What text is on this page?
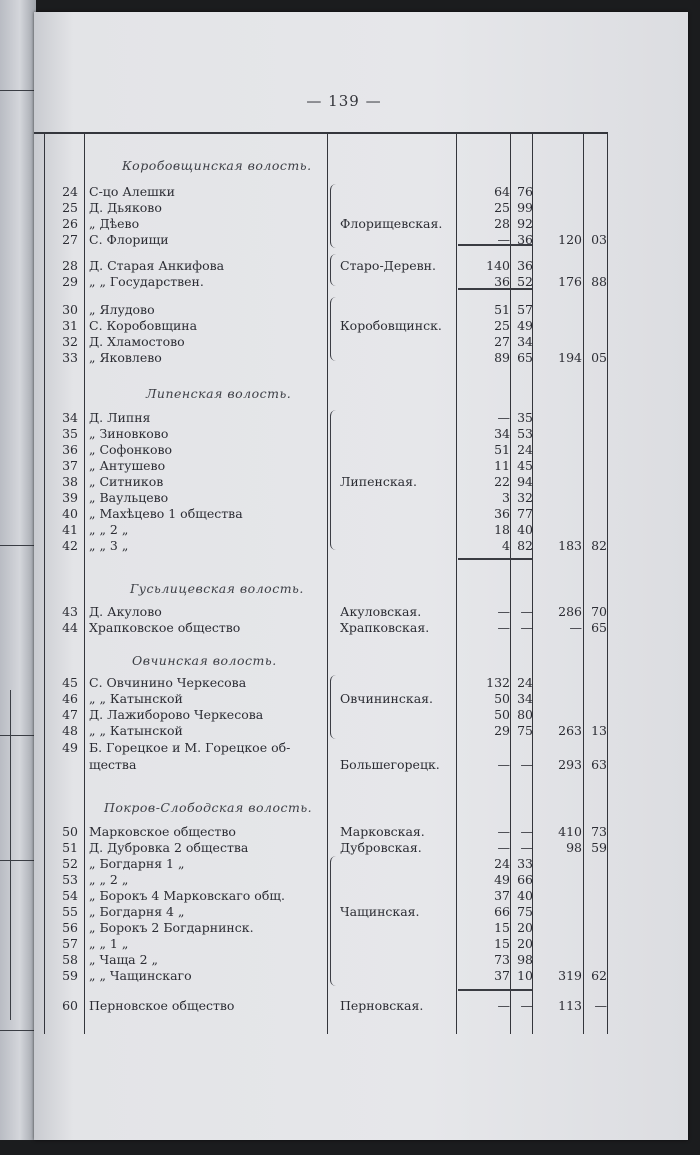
— 139 —
Коробовщинская волость.
Липенская волость.
Гусьлицевская волость.
Овчинская волость.
Покров-Слободская волость.
24 С-цо Алешки	64 76
25 Д. Дьяково	25 99
26 „ Дѣево	Флорищевская.	28 92
27 С. Флорищи	— 36	120 03
28 Д. Старая Анкифова	Старо-Деревн.	140 36
29 „ „ Государствен.	36 52	176 88
30 „ Ялудово	51 57
31 С. Коробовщина	Коробовщинск.	25 49
32 Д. Хламостово	27 34
33 „ Яковлево	89 65	194 05
34 Д. Липня	— 35
35 „ Зиновково	34 53
36 „ Софонково	51 24
37 „ Антушево	11 45
38 „ Ситников	Липенская.	22 94
39 „ Ваульцево	3 32
40 „ Махѣцево 1 общества	36 77
41 „ „ 2 „	18 40
42 „ „ 3 „	4 82	183 82
43 Д. Акулово	Акуловская.	— —	286 70
44 Храпковское общество	Храпковская.	— —	— 65
45 С. Овчинино Черкесова	132 24
46 „ „ Катынской	Овчининская.	50 34
47 Д. Лажиборово Черкесова	50 80
48 „ „ Катынской	29 75	263 13
49 Б. Горецкое и М. Горецкое об-
щества	Большегорецк.	— —	293 63
50 Марковское общество	Марковская.	— —	410 73
51 Д. Дубровка 2 общества	Дубровская.	— —	98 59
52 „ Богдарня 1 „	24 33
53 „ „ 2 „	49 66
54 „ Борокъ 4 Марковскаго общ.	37 40
55 „ Богдарня 4 „	Чащинская.	66 75
56 „ Борокъ 2 Богдарнинск.	15 20
57 „ „ 1 „	15 20
58 „ Чаща 2 „	73 98
59 „ „ Чащинскаго	37 10	319 62
60 Перновское общество	Перновская.	— —	113	—
